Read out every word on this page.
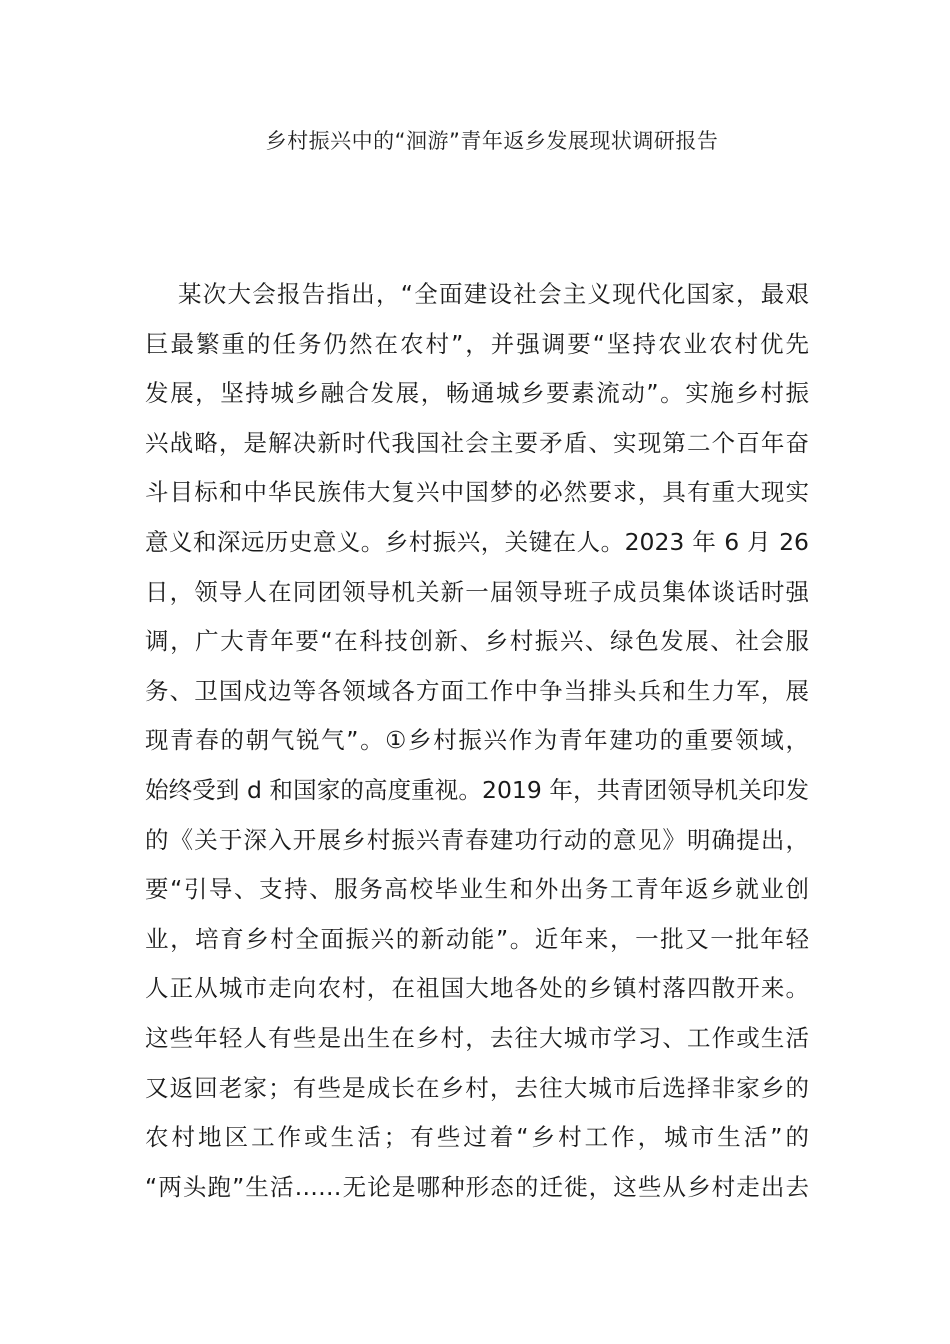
乡村振兴中的“洄游”青年返乡发展现状调研报告
某次大会报告指出，“全面建设社会主义现代化国家，最艰
巨最繁重的任务仍然在农村”，并强调要“坚持农业农村优先
发展，坚持城乡融合发展，畅通城乡要素流动”。实施乡村振
兴战略，是解决新时代我国社会主要矛盾、实现第二个百年奋
斗目标和中华民族伟大复兴中国梦的必然要求，具有重大现实
意义和深远历史意义。乡村振兴，关键在人。2023 年 6 月 26
日，领导人在同团领导机关新一届领导班子成员集体谈话时强
调，广大青年要“在科技创新、乡村振兴、绿色发展、社会服
务、卫国戍边等各领域各方面工作中争当排头兵和生力军，展
现青春的朝气锐气”。①乡村振兴作为青年建功的重要领域，
始终受到 d 和国家的高度重视。2019 年，共青团领导机关印发
的《关于深入开展乡村振兴青春建功行动的意见》明确提出，
要“引导、支持、服务高校毕业生和外出务工青年返乡就业创
业，培育乡村全面振兴的新动能”。近年来，一批又一批年轻
人正从城市走向农村，在祖国大地各处的乡镇村落四散开来。
这些年轻人有些是出生在乡村，去往大城市学习、工作或生活
又返回老家；有些是成长在乡村，去往大城市后选择非家乡的
农村地区工作或生活；有些过着“乡村工作，城市生活”的
“两头跑”生活……无论是哪种形态的迁徙，这些从乡村走出去
